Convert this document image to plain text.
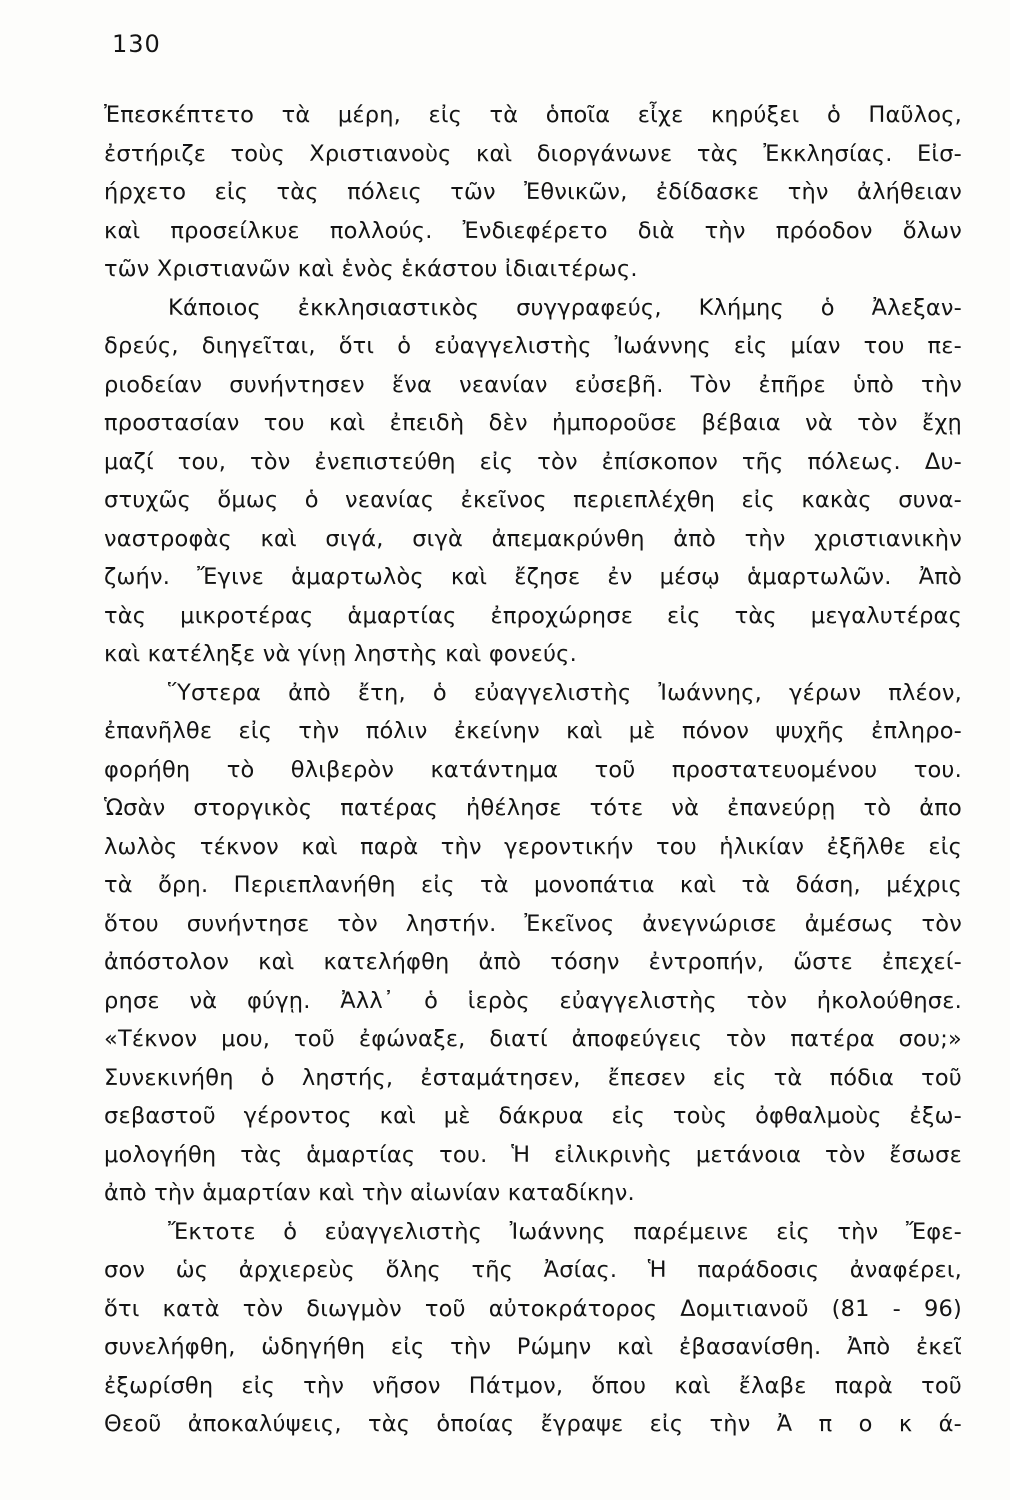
130
Ἐπεσκέπτετο τὰ μέρη, εἰς τὰ ὁποῖα εἶχε κηρύξει ὁ Παῦλος,
ἐστήριζε τοὺς Χριστιανοὺς καὶ διοργάνωνε τὰς Ἐκκλησίας. Εἰσ-
ήρχετο εἰς τὰς πόλεις τῶν Ἐθνικῶν, ἐδίδασκε τὴν ἀλήθειαν
καὶ προσείλκυε πολλούς. Ἐνδιεφέρετο διὰ τὴν πρόοδον ὅλων
τῶν Χριστιανῶν καὶ ἑνὸς ἑκάστου ἰδιαιτέρως.
Κάποιος ἐκκλησιαστικὸς συγγραφεύς, Κλήμης ὁ Ἀλεξαν-
δρεύς, διηγεῖται, ὅτι ὁ εὐαγγελιστὴς Ἰωάννης εἰς μίαν του πε-
ριοδείαν συνήντησεν ἕνα νεανίαν εὐσεβῆ. Τὸν ἐπῆρε ὑπὸ τὴν
προστασίαν του καὶ ἐπειδὴ δὲν ἠμποροῦσε βέβαια νὰ τὸν ἔχῃ
μαζί του, τὸν ἐνεπιστεύθη εἰς τὸν ἐπίσκοπον τῆς πόλεως. Δυ-
στυχῶς ὅμως ὁ νεανίας ἐκεῖνος περιεπλέχθη εἰς κακὰς συνα-
ναστροφὰς καὶ σιγά, σιγὰ ἀπεμακρύνθη ἀπὸ τὴν χριστιανικὴν
ζωήν. Ἔγινε ἁμαρτωλὸς καὶ ἔζησε ἐν μέσῳ ἁμαρτωλῶν. Ἀπὸ
τὰς μικροτέρας ἁμαρτίας ἐπροχώρησε εἰς τὰς μεγαλυτέρας
καὶ κατέληξε νὰ γίνῃ ληστὴς καὶ φονεύς.
Ὕστερα ἀπὸ ἔτη, ὁ εὐαγγελιστὴς Ἰωάννης, γέρων πλέον,
ἐπανῆλθε εἰς τὴν πόλιν ἐκείνην καὶ μὲ πόνον ψυχῆς ἐπληρο-
φορήθη τὸ θλιβερὸν κατάντημα τοῦ προστατευομένου του.
Ὡσὰν στοργικὸς πατέρας ἠθέλησε τότε νὰ ἐπανεύρῃ τὸ ἀπο
λωλὸς τέκνον καὶ παρὰ τὴν γεροντικήν του ἡλικίαν ἐξῆλθε εἰς
τὰ ὄρη. Περιεπλανήθη εἰς τὰ μονοπάτια καὶ τὰ δάση, μέχρις
ὅτου συνήντησε τὸν ληστήν. Ἐκεῖνος ἀνεγνώρισε ἀμέσως τὸν
ἀπόστολον καὶ κατελήφθη ἀπὸ τόσην ἐντροπήν, ὥστε ἐπεχεί-
ρησε νὰ φύγῃ. Ἀλλ᾽ ὁ ἱερὸς εὐαγγελιστὴς τὸν ἠκολούθησε.
«Τέκνον μου, τοῦ ἐφώναξε, διατί ἀποφεύγεις τὸν πατέρα σου;»
Συνεκινήθη ὁ ληστής, ἐσταμάτησεν, ἔπεσεν εἰς τὰ πόδια τοῦ
σεβαστοῦ γέροντος καὶ μὲ δάκρυα εἰς τοὺς ὀφθαλμοὺς ἐξω-
μολογήθη τὰς ἁμαρτίας του. Ἡ εἰλικρινὴς μετάνοια τὸν ἔσωσε
ἀπὸ τὴν ἁμαρτίαν καὶ τὴν αἰωνίαν καταδίκην.
Ἔκτοτε ὁ εὐαγγελιστὴς Ἰωάννης παρέμεινε εἰς τὴν Ἔφε-
σον ὡς ἀρχιερεὺς ὅλης τῆς Ἀσίας. Ἡ παράδοσις ἀναφέρει,
ὅτι κατὰ τὸν διωγμὸν τοῦ αὐτοκράτορος Δομιτιανοῦ (81 - 96)
συνελήφθη, ὡδηγήθη εἰς τὴν Ρώμην καὶ ἐβασανίσθη. Ἀπὸ ἐκεῖ
ἐξωρίσθη εἰς τὴν νῆσον Πάτμον, ὅπου καὶ ἔλαβε παρὰ τοῦ
Θεοῦ ἀποκαλύψεις, τὰς ὁποίας ἔγραψε εἰς τὴν Ἀ π ο κ ά-
